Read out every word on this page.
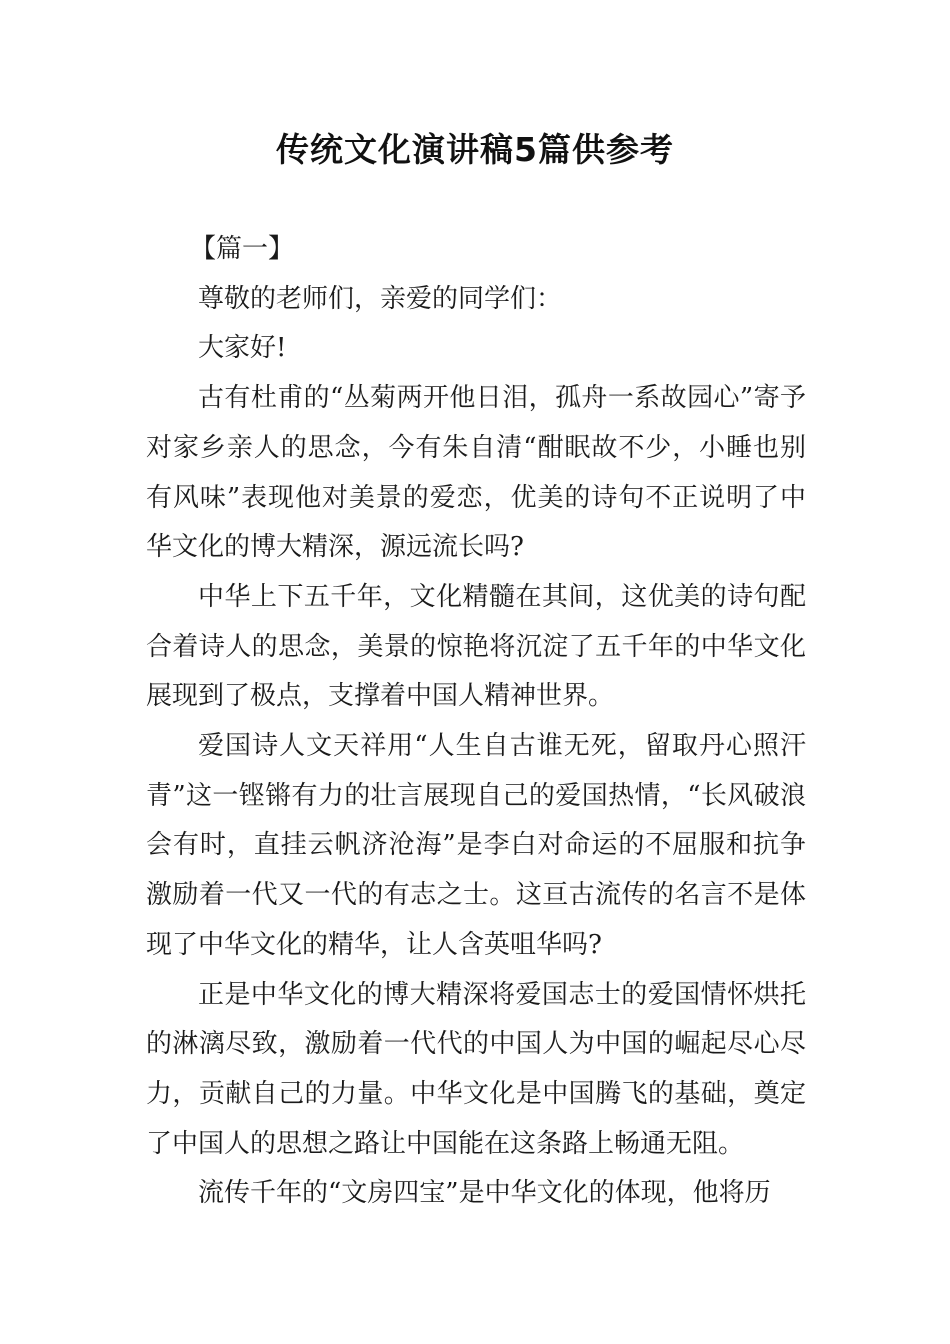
传统文化演讲稿5篇供参考

【篇一】

尊敬的老师们，亲爱的同学们：

大家好!

古有杜甫的“丛菊两开他日泪，孤舟一系故园心”寄予对家乡亲人的思念，今有朱自清“酣眠故不少，小睡也别有风味”表现他对美景的爱恋，优美的诗句不正说明了中华文化的博大精深，源远流长吗?

中华上下五千年，文化精髓在其间，这优美的诗句配合着诗人的思念，美景的惊艳将沉淀了五千年的中华文化展现到了极点，支撑着中国人精神世界。

爱国诗人文天祥用“人生自古谁无死，留取丹心照汗青”这一铿锵有力的壮言展现自己的爱国热情，“长风破浪会有时，直挂云帆济沧海”是李白对命运的不屈服和抗争激励着一代又一代的有志之士。这亘古流传的名言不是体现了中华文化的精华，让人含英咀华吗?

正是中华文化的博大精深将爱国志士的爱国情怀烘托的淋漓尽致，激励着一代代的中国人为中国的崛起尽心尽力，贡献自己的力量。中华文化是中国腾飞的基础，奠定了中国人的思想之路让中国能在这条路上畅通无阻。

流传千年的“文房四宝”是中华文化的体现，他将历
